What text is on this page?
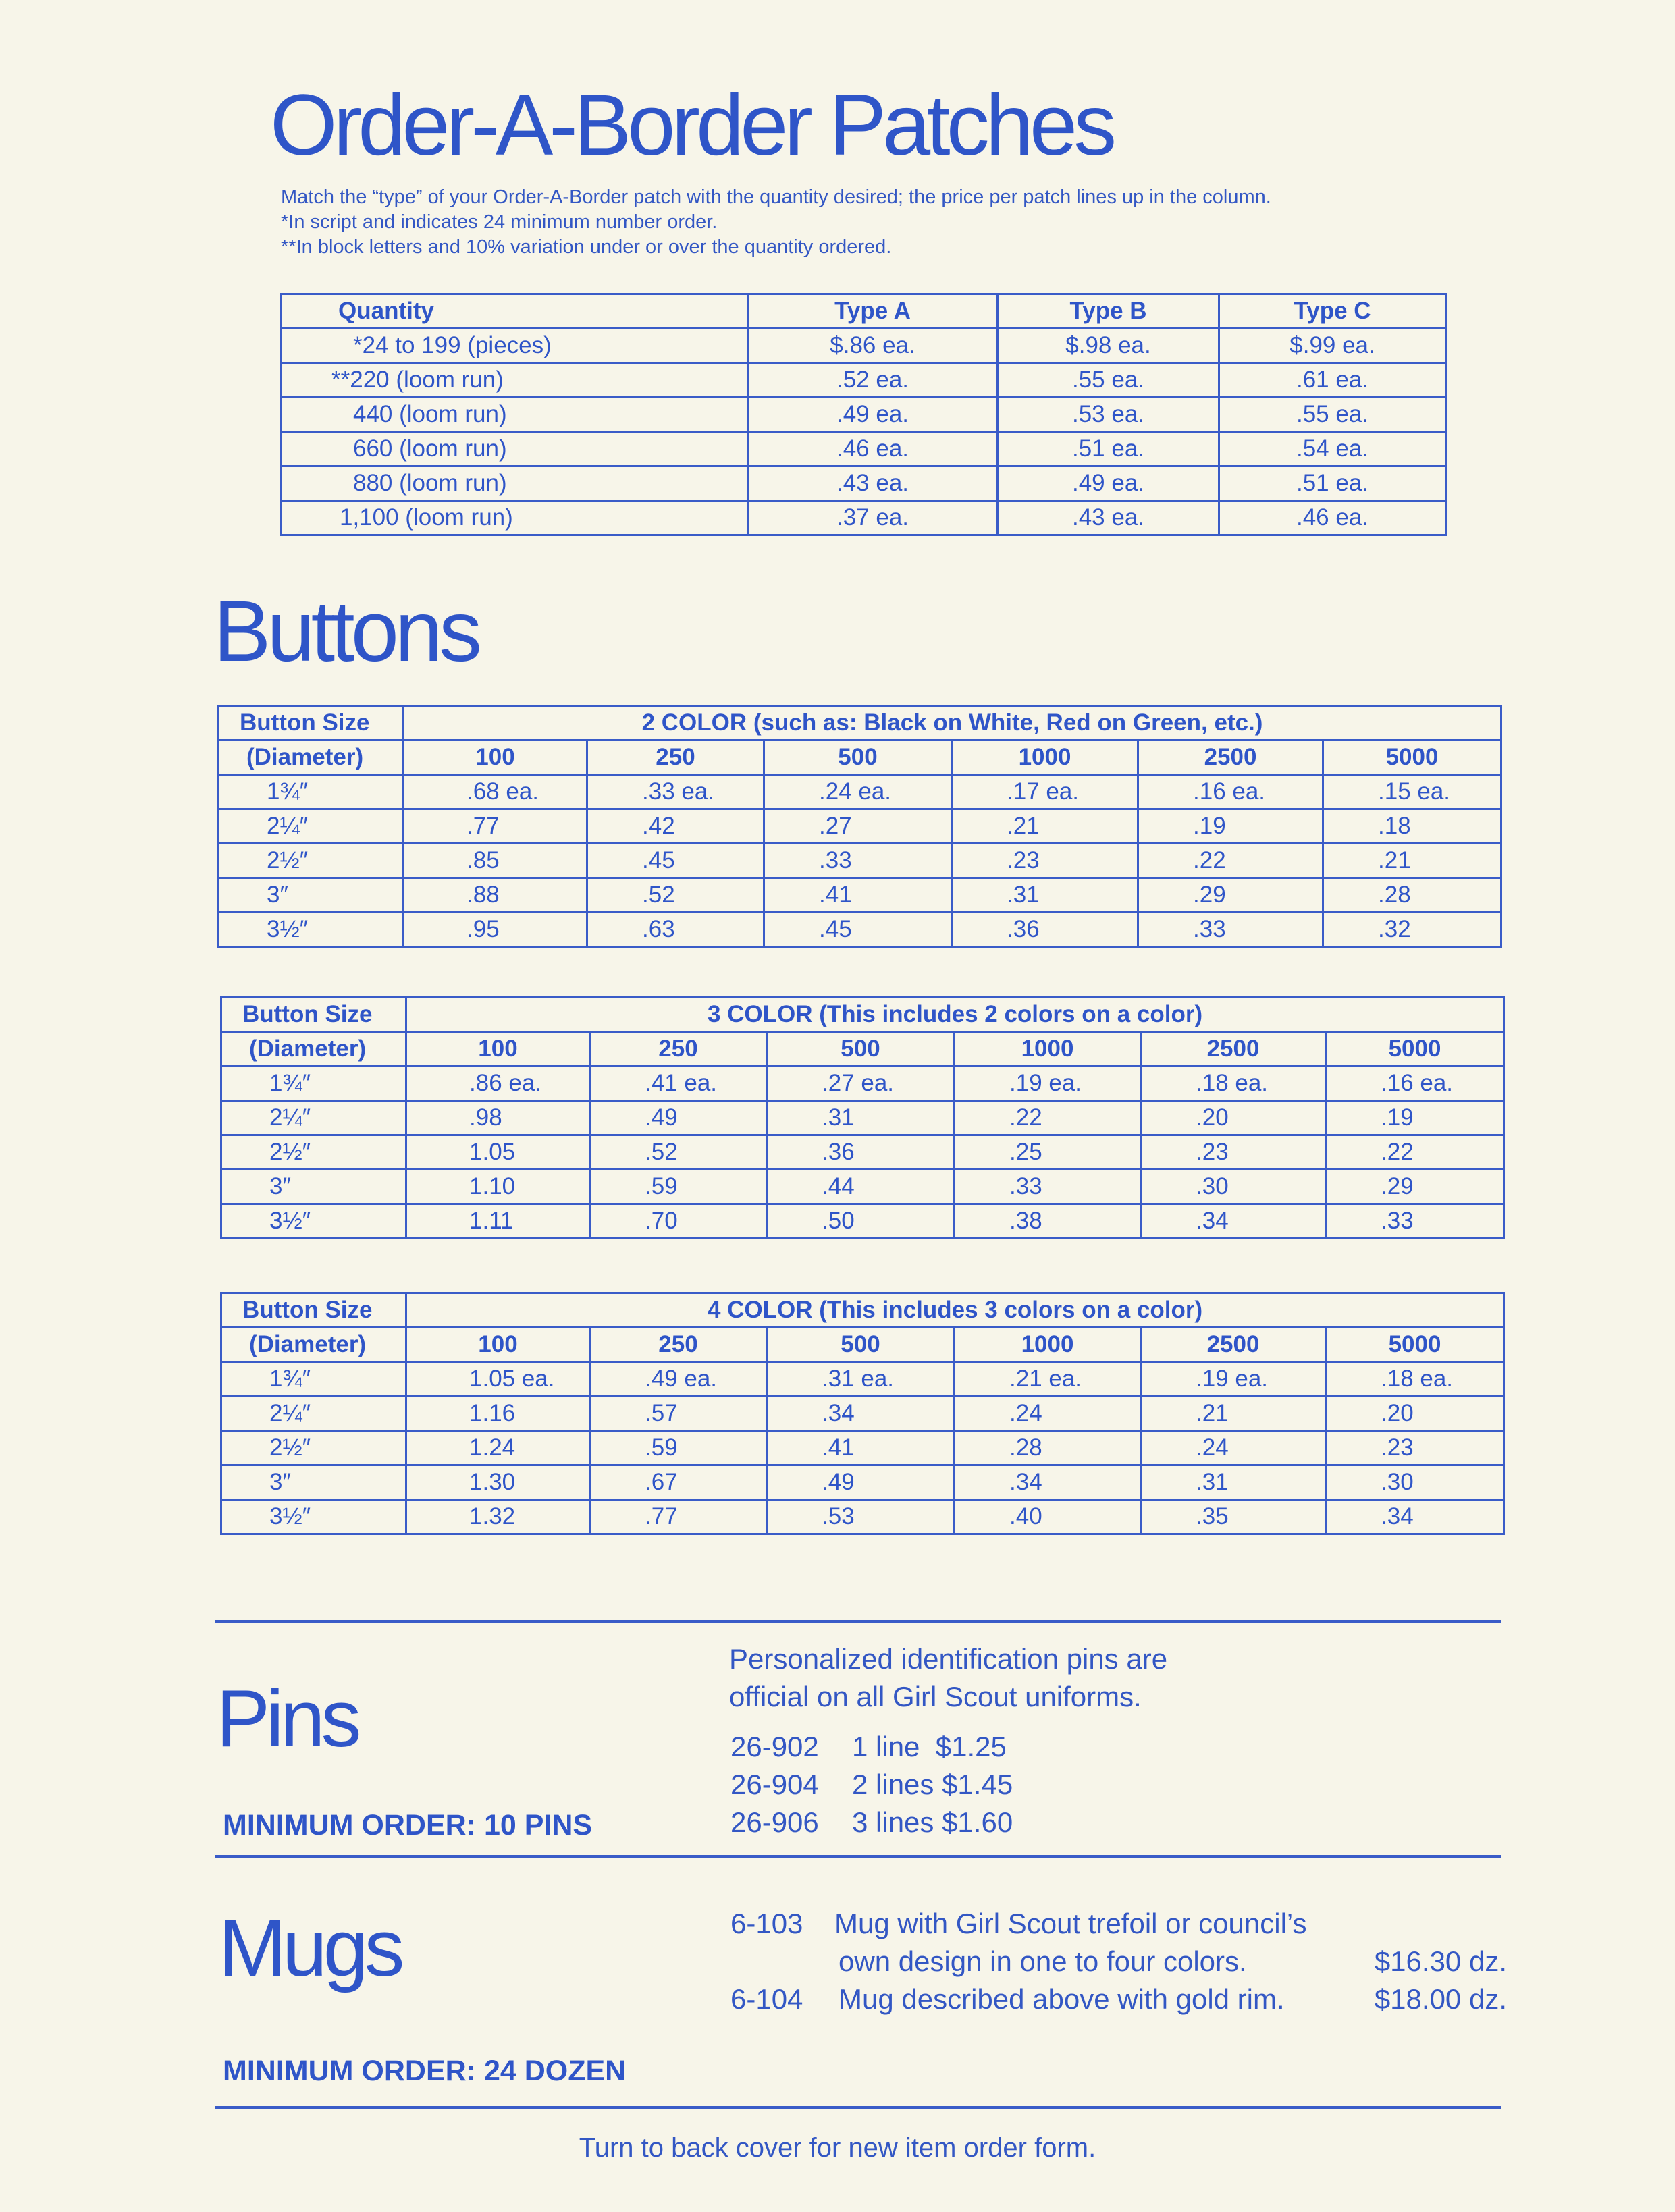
Order-A-Border Patches
Match the “type” of your Order-A-Border patch with the quantity desired; the price per patch lines up in the column.
*In script and indicates 24 minimum number order.
**In block letters and 10% variation under or over the quantity ordered.
Quantity	Type A	Type B	Type C
*24 to 199 (pieces)	$.86 ea.	$.98 ea.	$.99 ea.
**220 (loom run)	.52 ea.	.55 ea.	.61 ea.
440 (loom run)	.49 ea.	.53 ea.	.55 ea.
660 (loom run)	.46 ea.	.51 ea.	.54 ea.
880 (loom run)	.43 ea.	.49 ea.	.51 ea.
1,100 (loom run)	.37 ea.	.43 ea.	.46 ea.
Buttons
Button Size	2 COLOR (such as: Black on White, Red on Green, etc.)					
(Diameter)	100	250	500	1000	2500	5000
1¾″	.68 ea.	.33 ea.	.24 ea.	.17 ea.	.16 ea.	.15 ea.
2¼″	.77	.42	.27	.21	.19	.18
2½″	.85	.45	.33	.23	.22	.21
3″	.88	.52	.41	.31	.29	.28
3½″	.95	.63	.45	.36	.33	.32
Button Size	3 COLOR (This includes 2 colors on a color)					
(Diameter)	100	250	500	1000	2500	5000
1¾″	.86 ea.	.41 ea.	.27 ea.	.19 ea.	.18 ea.	.16 ea.
2¼″	.98	.49	.31	.22	.20	.19
2½″	1.05	.52	.36	.25	.23	.22
3″	1.10	.59	.44	.33	.30	.29
3½″	1.11	.70	.50	.38	.34	.33
Button Size	4 COLOR (This includes 3 colors on a color)					
(Diameter)	100	250	500	1000	2500	5000
1¾″	1.05 ea.	.49 ea.	.31 ea.	.21 ea.	.19 ea.	.18 ea.
2¼″	1.16	.57	.34	.24	.21	.20
2½″	1.24	.59	.41	.28	.24	.23
3″	1.30	.67	.49	.34	.31	.30
3½″	1.32	.77	.53	.40	.35	.34
Pins
MINIMUM ORDER: 10 PINS
Personalized identification pins are
official on all Girl Scout uniforms.
26-902 1 line  $1.25
26-904 2 lines $1.45
26-906 3 lines $1.60
Mugs
MINIMUM ORDER: 24 DOZEN
6-103 Mug with Girl Scout trefoil or council’s
own design in one to four colors.	$16.30 dz.
6-104 Mug described above with gold rim.	$18.00 dz.
Turn to back cover for new item order form.
